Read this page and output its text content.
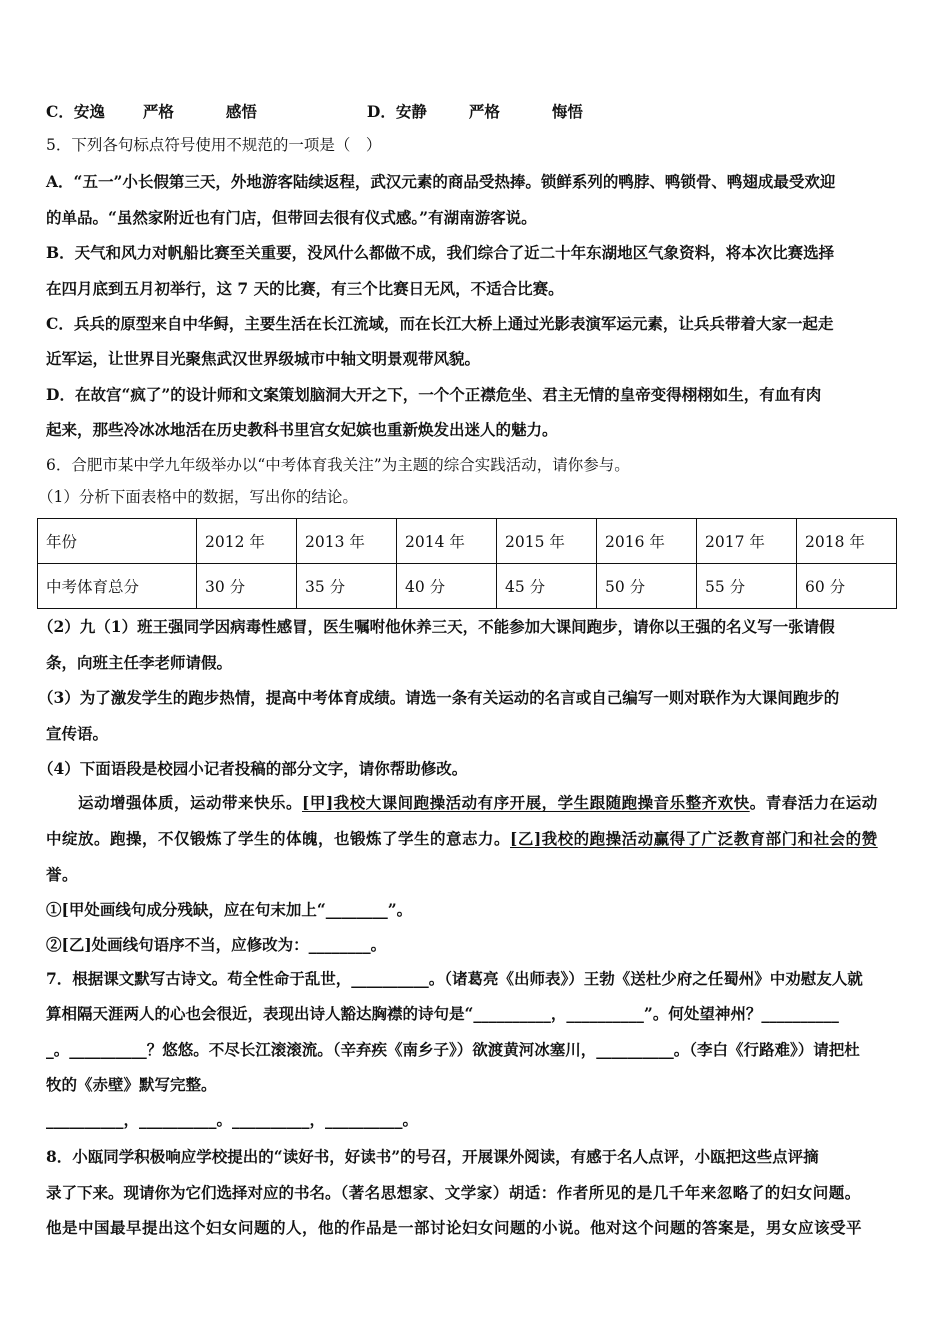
C．安逸 严格	感悟	D．安静	严格	悔悟
5．下列各句标点符号使用不规范的一项是（　）
A．“五一”小长假第三天，外地游客陆续返程，武汉元素的商品受热捧。锁鲜系列的鸭脖、鸭锁骨、鸭翅成最受欢迎
的单品。“虽然家附近也有门店，但带回去很有仪式感。”有湖南游客说。
B．天气和风力对帆船比赛至关重要，没风什么都做不成，我们综合了近二十年东湖地区气象资料，将本次比赛选择
在四月底到五月初举行，这 7 天的比赛，有三个比赛日无风，不适合比赛。
C．兵兵的原型来自中华鲟，主要生活在长江流域，而在长江大桥上通过光影表演军运元素，让兵兵带着大家一起走
近军运，让世界目光聚焦武汉世界级城市中轴文明景观带风貌。
D．在故宫“疯了”的设计师和文案策划脑洞大开之下，一个个正襟危坐、君主无情的皇帝变得栩栩如生，有血有肉
起来，那些冷冰冰地活在历史教科书里宫女妃嫔也重新焕发出迷人的魅力。
6．合肥市某中学九年级举办以“中考体育我关注”为主题的综合实践活动，请你参与。
（1）分析下面表格中的数据，写出你的结论。
年份	2012 年	2013 年	2014 年	2015 年	2016 年	2017 年	2018 年
中考体育总分	30 分	35 分	40 分	45 分	50 分	55 分	60 分
（2）九（1）班王强同学因病毒性感冒，医生嘱咐他休养三天，不能参加大课间跑步，请你以王强的名义写一张请假
条，向班主任李老师请假。
（3）为了激发学生的跑步热情，提高中考体育成绩。请选一条有关运动的名言或自己编写一则对联作为大课间跑步的
宣传语。
（4）下面语段是校园小记者投稿的部分文字，请你帮助修改。
运动增强体质，运动带来快乐。[甲]我校大课间跑操活动有序开展，学生跟随跑操音乐整齐欢快。青春活力在运动
中绽放。跑操，不仅锻炼了学生的体魄，也锻炼了学生的意志力。[乙]我校的跑操活动赢得了广泛教育部门和社会的赞
誉。
①[甲处画线句成分残缺，应在句末加上“________”。
②[乙]处画线句语序不当，应修改为：________。
7．根据课文默写古诗文。苟全性命于乱世，__________。（诸葛亮《出师表》）王勃《送杜少府之任蜀州》中劝慰友人就
算相隔天涯两人的心也会很近，表现出诗人豁达胸襟的诗句是“__________，__________”。何处望神州？__________
_。__________？悠悠。不尽长江滚滚流。（辛弃疾《南乡子》）欲渡黄河冰塞川，__________。（李白《行路难》）请把杜
牧的《赤壁》默写完整。
__________，__________。__________，__________。
8．小瓯同学积极响应学校提出的“读好书，好读书”的号召，开展课外阅读，有感于名人点评，小瓯把这些点评摘
录了下来。现请你为它们选择对应的书名。（著名思想家、文学家）胡适：作者所见的是几千年来忽略了的妇女问题。
他是中国最早提出这个妇女问题的人，他的作品是一部讨论妇女问题的小说。他对这个问题的答案是，男女应该受平
